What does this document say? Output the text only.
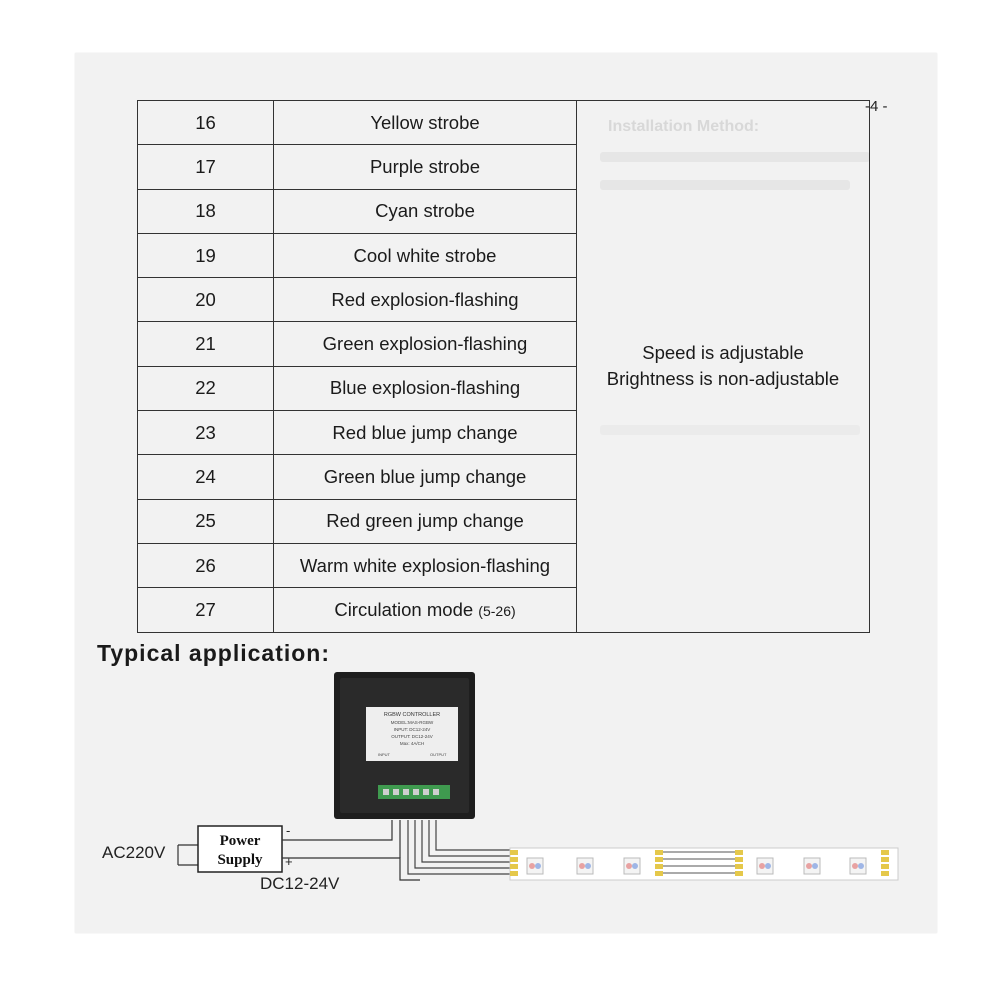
Installation Method:
-4 -
16	Yellow strobe	Speed is adjustable
Brightness is non-adjustable

17	Purple strobe	
18	Cyan strobe	
19	Cool white strobe	
20	Red explosion-flashing	
21	Green explosion-flashing	
22	Blue explosion-flashing	
23	Red blue jump change	
24	Green blue jump change	
25	Red green jump change	
26	Warm white explosion-flashing	
27	Circulation mode (5-26)	
Typical application:
RGBW CONTROLLER
MODEL:MAS-RGBW
INPUT: DC12-24V
OUTPUT: DC12-24V
Max: 4A/CH
INPUT	OUTPUT
AC220V
Power
Supply
-
+
DC12-24V
